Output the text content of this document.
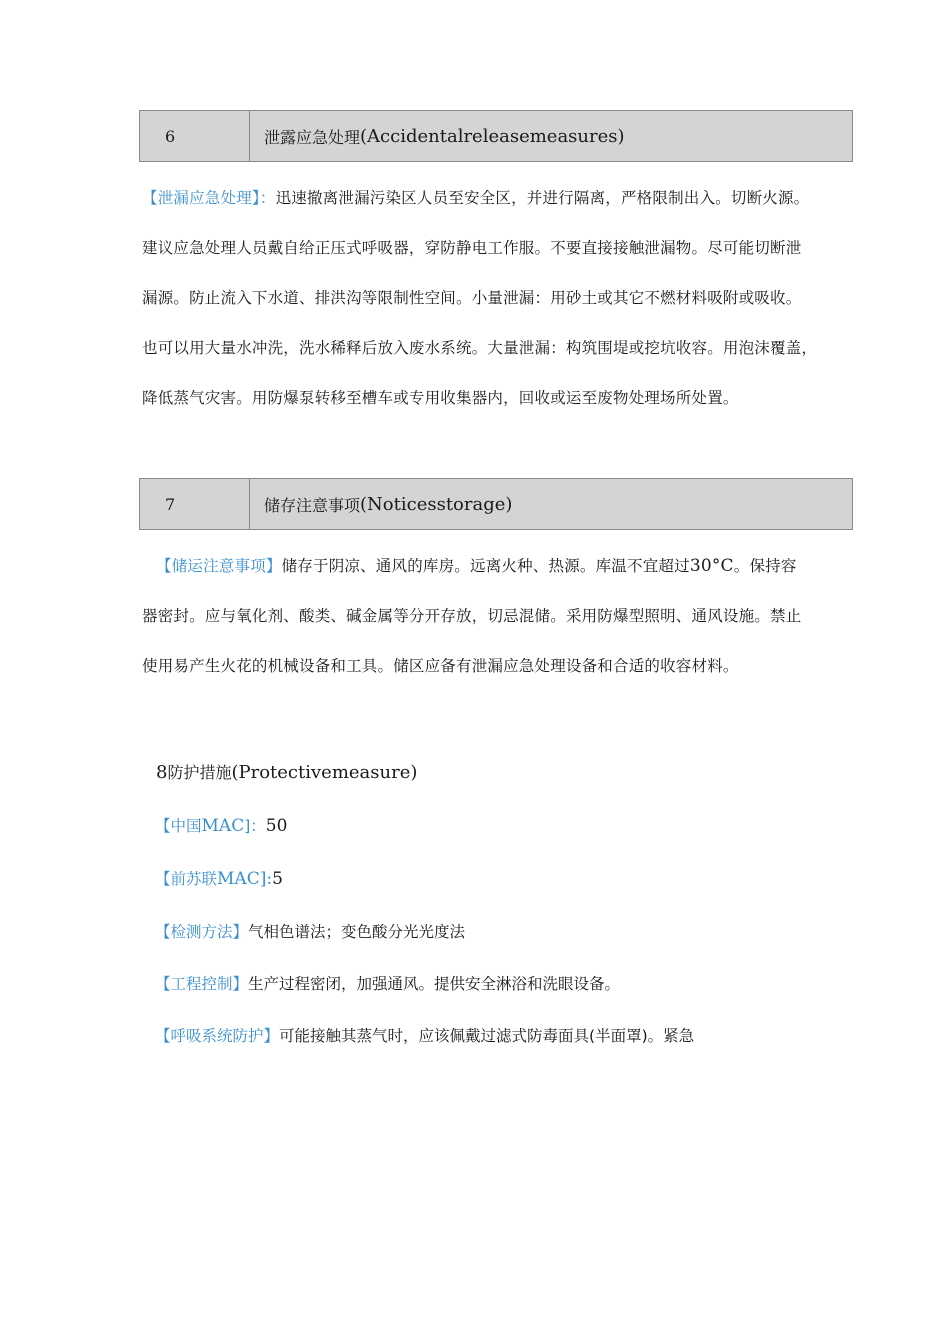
6	泄露应急处理 (Accidentalreleasemeasures)
【泄漏应急处理】：迅速撤离泄漏污染区人员至安全区，并进行隔离，严格限制出入。切断火源。
建议应急处理人员戴自给正压式呼吸器，穿防静电工作服。不要直接接触泄漏物。尽可能切断泄
漏源。防止流入下水道、排洪沟等限制性空间。小量泄漏：用砂土或其它不燃材料吸附或吸收。
也可以用大量水冲洗，洗水稀释后放入废水系统。大量泄漏：构筑围堤或挖坑收容。用泡沫覆盖，
降低蒸气灾害。用防爆泵转移至槽车或专用收集器内，回收或运至废物处理场所处置。
7	储存注意事项 (Noticesstorage)
【储运注意事项】储存于阴凉、通风的库房。远离火种、热源。库温不宜超过30°C。保持容
器密封。应与氧化剂、酸类、碱金属等分开存放，切忌混储。采用防爆型照明、通风设施。禁止
使用易产生火花的机械设备和工具。储区应备有泄漏应急处理设备和合适的收容材料。
8防护措施(Protectivemeasure)
【中国MAC]：50
【前苏联MAC]:5
【检测方法】气相色谱法；变色酸分光光度法
【工程控制】生产过程密闭，加强通风。提供安全淋浴和洗眼设备。
【呼吸系统防护】可能接触其蒸气时，应该佩戴过滤式防毒面具(半面罩)。紧急
